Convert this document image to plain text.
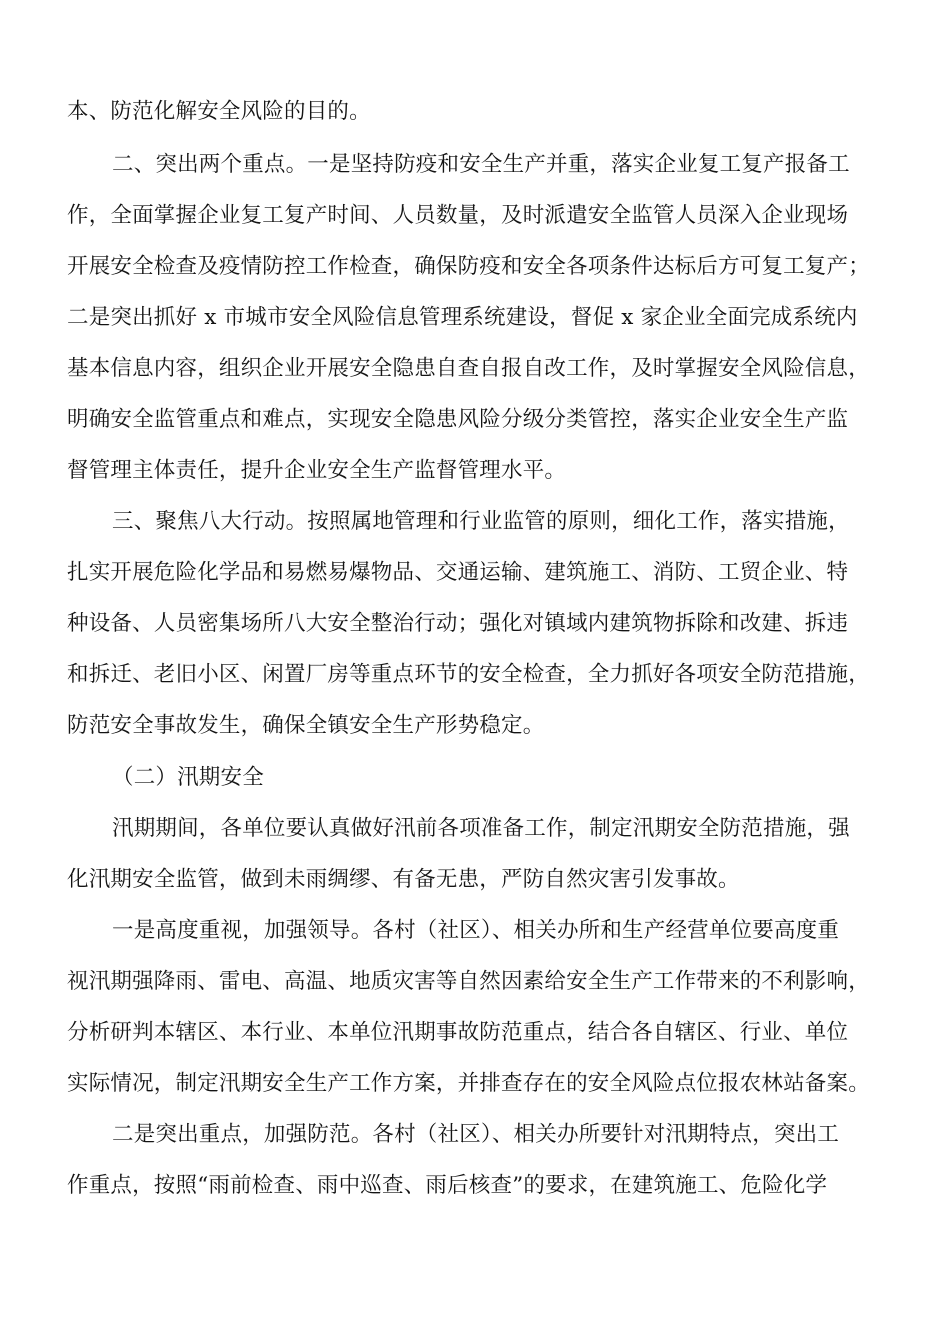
本、防范化解安全风险的目的。
二、突出两个重点。一是坚持防疫和安全生产并重，落实企业复工复产报备工
作，全面掌握企业复工复产时间、人员数量，及时派遣安全监管人员深入企业现场
开展安全检查及疫情防控工作检查，确保防疫和安全各项条件达标后方可复工复产；
二是突出抓好 x 市城市安全风险信息管理系统建设，督促 x 家企业全面完成系统内
基本信息内容，组织企业开展安全隐患自查自报自改工作，及时掌握安全风险信息，
明确安全监管重点和难点，实现安全隐患风险分级分类管控，落实企业安全生产监
督管理主体责任，提升企业安全生产监督管理水平。
三、聚焦八大行动。按照属地管理和行业监管的原则，细化工作，落实措施，
扎实开展危险化学品和易燃易爆物品、交通运输、建筑施工、消防、工贸企业、特
种设备、人员密集场所八大安全整治行动；强化对镇域内建筑物拆除和改建、拆违
和拆迁、老旧小区、闲置厂房等重点环节的安全检查，全力抓好各项安全防范措施，
防范安全事故发生，确保全镇安全生产形势稳定。
（二）汛期安全
汛期期间，各单位要认真做好汛前各项准备工作，制定汛期安全防范措施，强
化汛期安全监管，做到未雨绸缪、有备无患，严防自然灾害引发事故。
一是高度重视，加强领导。各村（社区）、相关办所和生产经营单位要高度重
视汛期强降雨、雷电、高温、地质灾害等自然因素给安全生产工作带来的不利影响，
分析研判本辖区、本行业、本单位汛期事故防范重点，结合各自辖区、行业、单位
实际情况，制定汛期安全生产工作方案，并排查存在的安全风险点位报农林站备案。
二是突出重点，加强防范。各村（社区）、相关办所要针对汛期特点，突出工
作重点，按照“雨前检查、雨中巡查、雨后核查”的要求，在建筑施工、危险化学
